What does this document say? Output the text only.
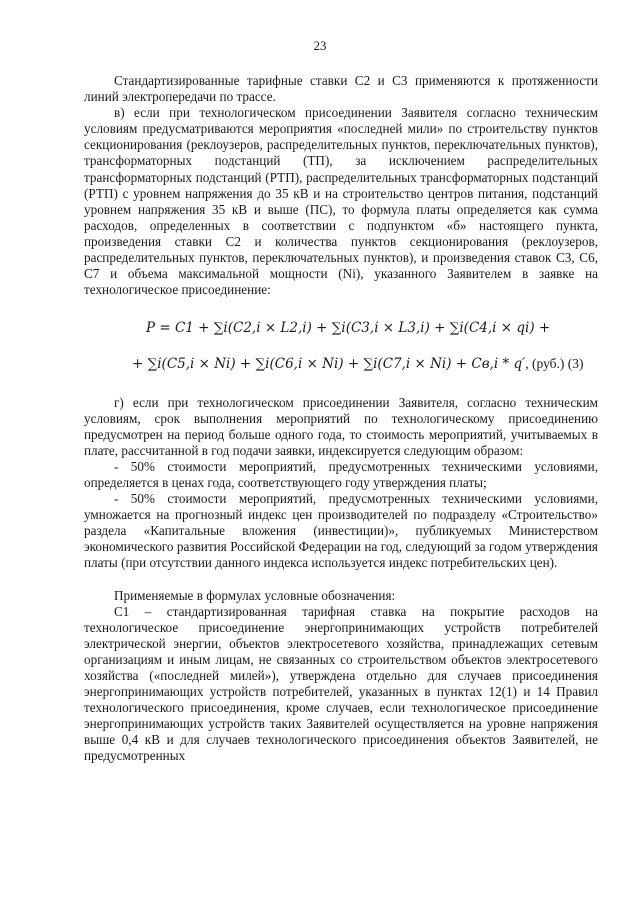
23

Стандартизированные тарифные ставки C2 и C3 применяются к протяженности линий электропередачи по трассе.

в) если при технологическом присоединении Заявителя согласно техническим условиям предусматриваются мероприятия «последней мили» по строительству пунктов секционирования (реклоузеров, распределительных пунктов, переключательных пунктов), трансформаторных подстанций (ТП), за исключением распределительных трансформаторных подстанций (РТП), распределительных трансформаторных подстанций (РТП) с уровнем напряжения до 35 кВ и на строительство центров питания, подстанций уровнем напряжения 35 кВ и выше (ПС), то формула платы определяется как сумма расходов, определенных в соответствии с подпунктом «б» настоящего пункта, произведения ставки C2 и количества пунктов секционирования (реклоузеров, распределительных пунктов, переключательных пунктов), и произведения ставок C3, C6, C7 и объема максимальной мощности (Ni), указанного Заявителем в заявке на технологическое присоединение:

P = C1 + ∑i(C2,i × L2,i) + ∑i(C3,i × L3,i) + ∑i(C4,i × qi) +
+ ∑i(C5,i × Ni) + ∑i(C6,i × Ni) + ∑i(C7,i × Ni) + Cв,i * q′, (руб.) (3)

г) если при технологическом присоединении Заявителя, согласно техническим условиям, срок выполнения мероприятий по технологическому присоединению предусмотрен на период больше одного года, то стоимость мероприятий, учитываемых в плате, рассчитанной в год подачи заявки, индексируется следующим образом:

- 50% стоимости мероприятий, предусмотренных техническими условиями, определяется в ценах года, соответствующего году утверждения платы;

- 50% стоимости мероприятий, предусмотренных техническими условиями, умножается на прогнозный индекс цен производителей по подразделу «Строительство» раздела «Капитальные вложения (инвестиции)», публикуемых Министерством экономического развития Российской Федерации на год, следующий за годом утверждения платы (при отсутствии данного индекса используется индекс потребительских цен).

Применяемые в формулах условные обозначения:

C1 – стандартизированная тарифная ставка на покрытие расходов на технологическое присоединение энергопринимающих устройств потребителей электрической энергии, объектов электросетевого хозяйства, принадлежащих сетевым организациям и иным лицам, не связанных со строительством объектов электросетевого хозяйства («последней милей»), утверждена отдельно для случаев присоединения энергопринимающих устройств потребителей, указанных в пунктах 12(1) и 14 Правил технологического присоединения, кроме случаев, если технологическое присоединение энергопринимающих устройств таких Заявителей осуществляется на уровне напряжения выше 0,4 кВ и для случаев технологического присоединения объектов Заявителей, не предусмотренных
